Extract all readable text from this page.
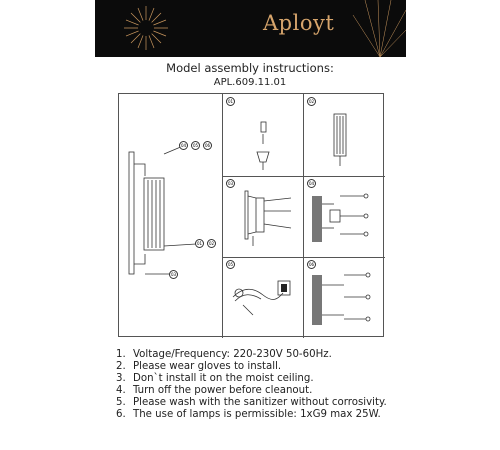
Aployt
Model assembly instructions:
APL.609.11.01
04	05	06
01	02
03
01	02
03	04
05	06
1. Voltage/Frequency: 220-230V 50-60Hz.
2. Please wear gloves to install.
3. Don`t install it on the moist ceiling.
4. Turn off the power before cleanout.
5. Please wash with the sanitizer without corrosivity.
6. The use of lamps is permissible: 1xG9 max 25W.
